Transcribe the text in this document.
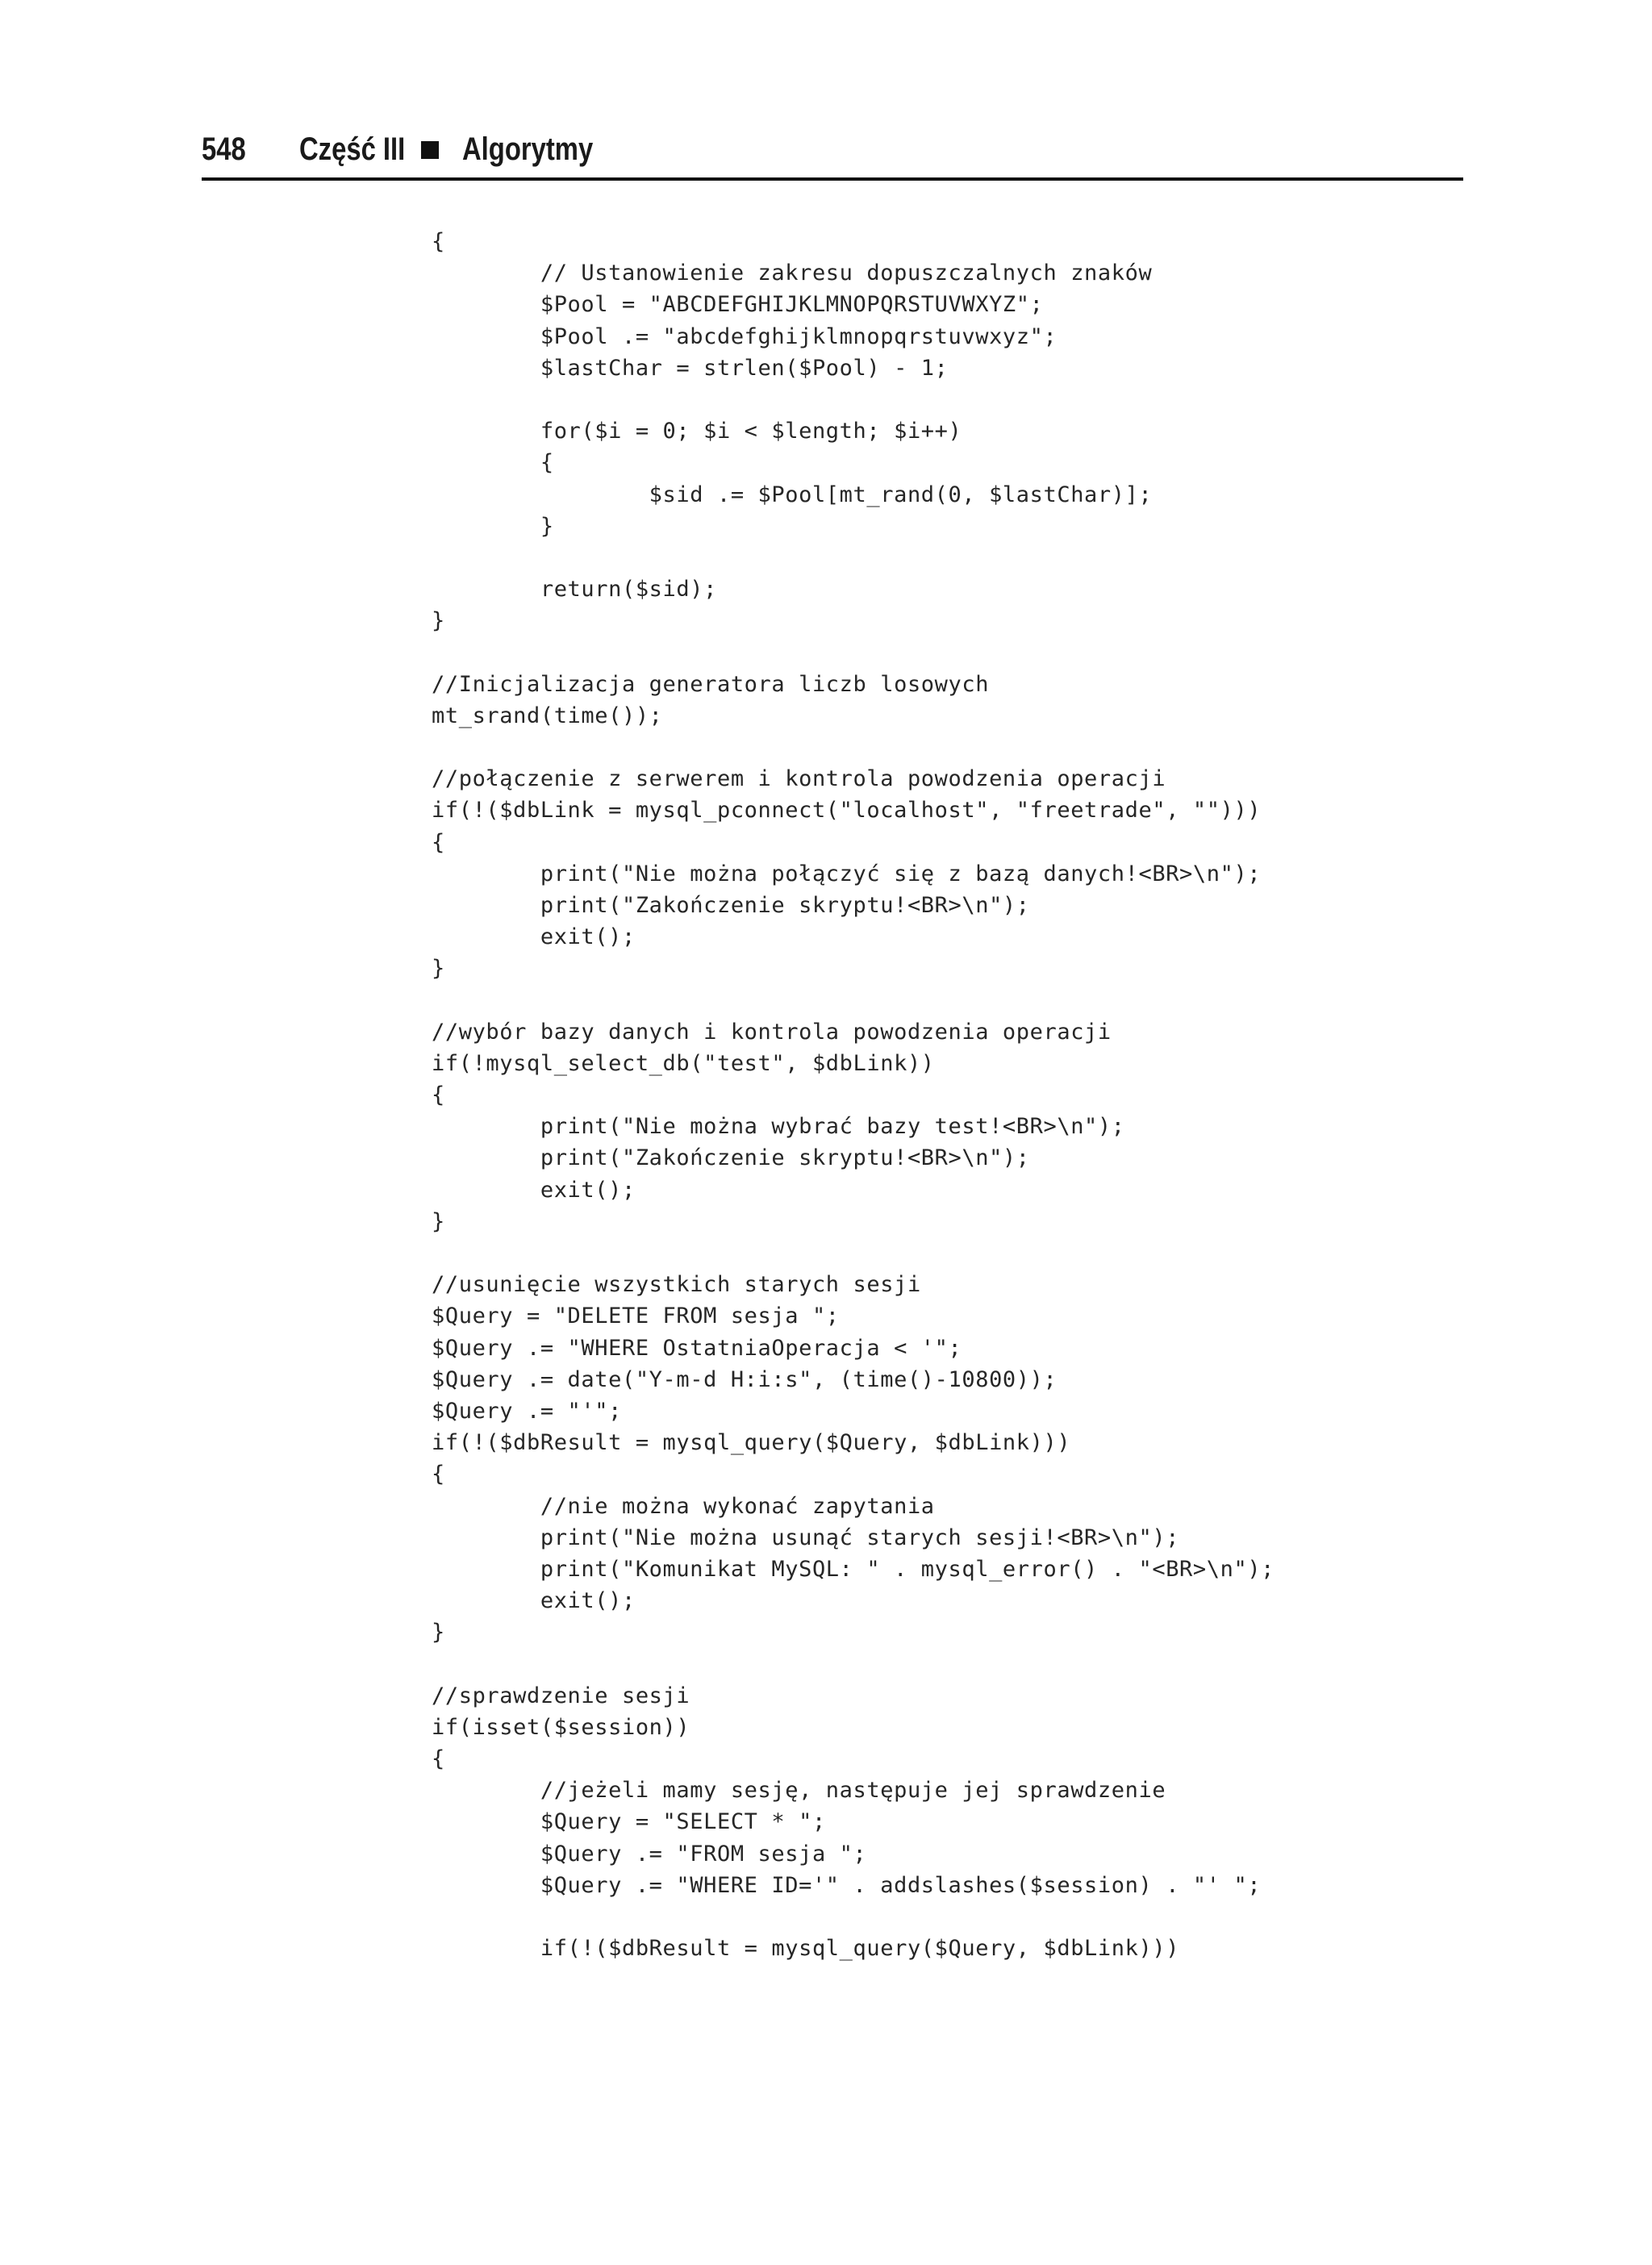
548 Część III Algorytmy
{
// Ustanowienie zakresu dopuszczalnych znaków
$Pool = "ABCDEFGHIJKLMNOPQRSTUVWXYZ";
$Pool .= "abcdefghijklmnopqrstuvwxyz";
$lastChar = strlen($Pool) - 1;
for($i = 0; $i < $length; $i++)
{
$sid .= $Pool[mt_rand(0, $lastChar)];
}
return($sid);
}
//Inicjalizacja generatora liczb losowych
mt_srand(time());
//połączenie z serwerem i kontrola powodzenia operacji
if(!($dbLink = mysql_pconnect("localhost", "freetrade", "")))
{
print("Nie można połączyć się z bazą danych!<BR>\n");
print("Zakończenie skryptu!<BR>\n");
exit();
}
//wybór bazy danych i kontrola powodzenia operacji
if(!mysql_select_db("test", $dbLink))
{
print("Nie można wybrać bazy test!<BR>\n");
print("Zakończenie skryptu!<BR>\n");
exit();
}
//usunięcie wszystkich starych sesji
$Query = "DELETE FROM sesja ";
$Query .= "WHERE OstatniaOperacja < '";
$Query .= date("Y-m-d H:i:s", (time()-10800));
$Query .= "'";
if(!($dbResult = mysql_query($Query, $dbLink)))
{
//nie można wykonać zapytania
print("Nie można usunąć starych sesji!<BR>\n");
print("Komunikat MySQL: " . mysql_error() . "<BR>\n");
exit();
}
//sprawdzenie sesji
if(isset($session))
{
//jeżeli mamy sesję, następuje jej sprawdzenie
$Query = "SELECT * ";
$Query .= "FROM sesja ";
$Query .= "WHERE ID='" . addslashes($session) . "' ";
if(!($dbResult = mysql_query($Query, $dbLink)))
